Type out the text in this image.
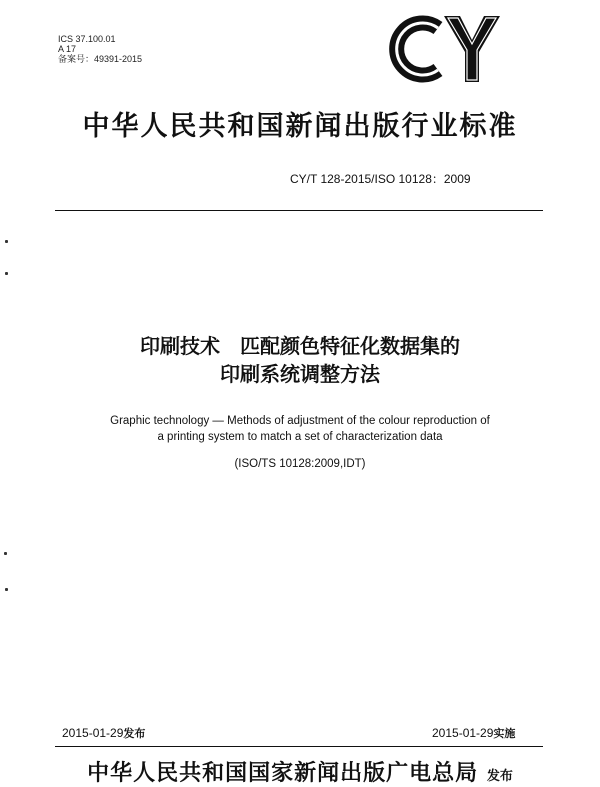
ICS 37.100.01
A 17
备案号：49391-2015
中华人民共和国新闻出版行业标准
CY/T 128-2015/ISO 10128：2009
印刷技术　匹配颜色特征化数据集的
印刷系统调整方法
Graphic technology — Methods of adjustment of the colour reproduction of
a printing system to match a set of characterization data
(ISO/TS 10128:2009,IDT)
2015-01-29发布	2015-01-29实施
中华人民共和国国家新闻出版广电总局 发布
